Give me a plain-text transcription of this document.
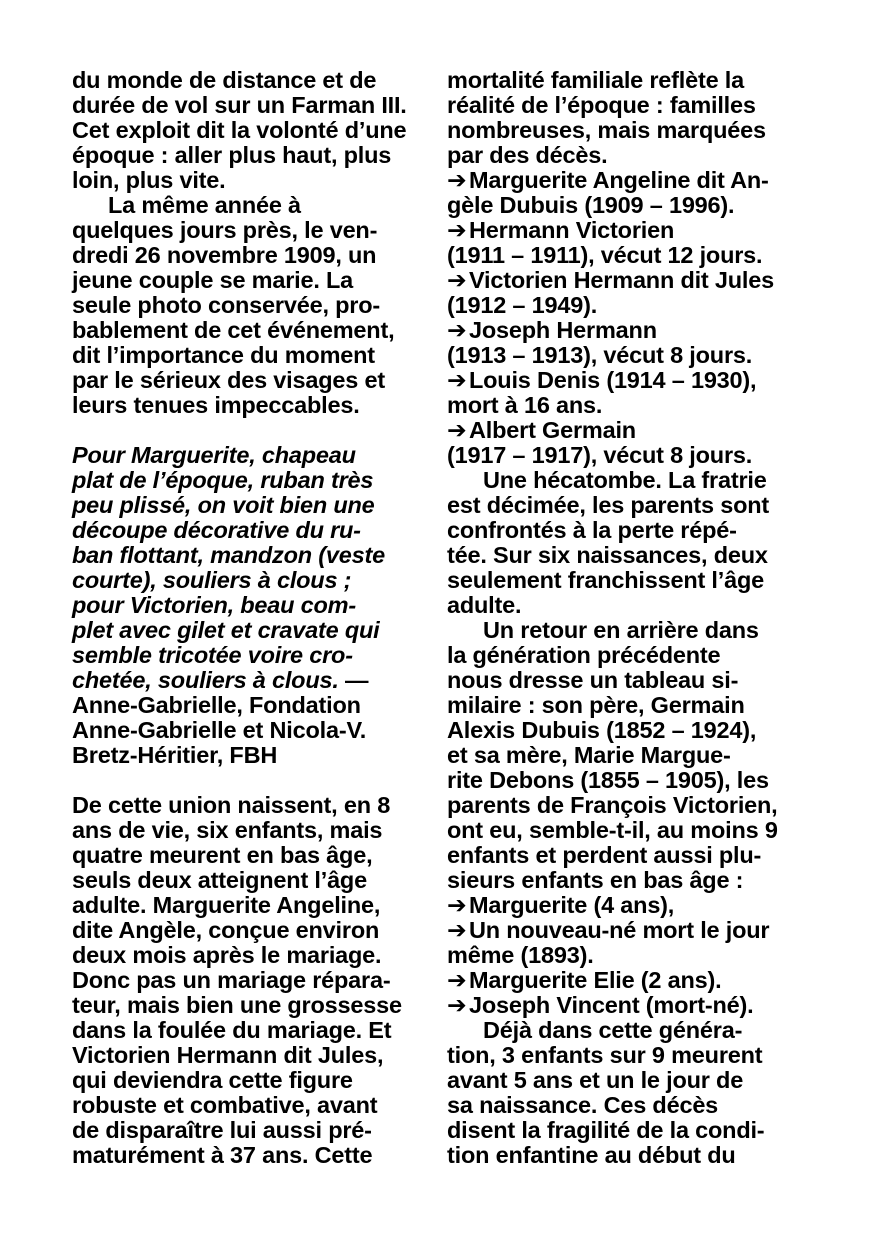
du monde de distance et de
durée de vol sur un Farman III.
Cet exploit dit la volonté d’une
époque : aller plus haut, plus
loin, plus vite.
La même année à
quelques jours près, le ven-
dredi 26 novembre 1909, un
jeune couple se marie. La
seule photo conservée, pro-
bablement de cet événement,
dit l’importance du moment
par le sérieux des visages et
leurs tenues impeccables.
Pour Marguerite, chapeau
plat de l’époque, ruban très
peu plissé, on voit bien une
découpe décorative du ru-
ban flottant, mandzon (veste
courte), souliers à clous ;
pour Victorien, beau com-
plet avec gilet et cravate qui
semble tricotée voire cro-
chetée, souliers à clous. —
Anne-Gabrielle, Fondation
Anne-Gabrielle et Nicola-V.
Bretz-Héritier, FBH
De cette union naissent, en 8
ans de vie, six enfants, mais
quatre meurent en bas âge,
seuls deux atteignent l’âge
adulte. Marguerite Angeline,
dite Angèle, conçue environ
deux mois après le mariage.
Donc pas un mariage répara-
teur, mais bien une grossesse
dans la foulée du mariage. Et
Victorien Hermann dit Jules,
qui deviendra cette figure
robuste et combative, avant
de disparaître lui aussi pré-
maturément à 37 ans. Cette
mortalité familiale reflète la
réalité de l’époque : familles
nombreuses, mais marquées
par des décès.
➔ Marguerite Angeline dit An-
gèle Dubuis (1909 – 1996).
➔ Hermann Victorien
(1911 – 1911), vécut 12 jours.
➔ Victorien Hermann dit Jules
(1912 – 1949).
➔ Joseph Hermann
(1913 – 1913), vécut 8 jours.
➔ Louis Denis (1914 – 1930),
mort à 16 ans.
➔ Albert Germain
(1917 – 1917), vécut 8 jours.
Une hécatombe. La fratrie
est décimée, les parents sont
confrontés à la perte répé-
tée. Sur six naissances, deux
seulement franchissent l’âge
adulte.
Un retour en arrière dans
la génération précédente
nous dresse un tableau si-
milaire : son père, Germain
Alexis Dubuis (1852 – 1924),
et sa mère, Marie Margue-
rite Debons (1855 – 1905), les
parents de François Victorien,
ont eu, semble-t-il, au moins 9
enfants et perdent aussi plu-
sieurs enfants en bas âge :
➔ Marguerite (4 ans),
➔ Un nouveau-né mort le jour
même (1893).
➔ Marguerite Elie (2 ans).
➔ Joseph Vincent (mort-né).
Déjà dans cette généra-
tion, 3 enfants sur 9 meurent
avant 5 ans et un le jour de
sa naissance. Ces décès
disent la fragilité de la condi-
tion enfantine au début du
